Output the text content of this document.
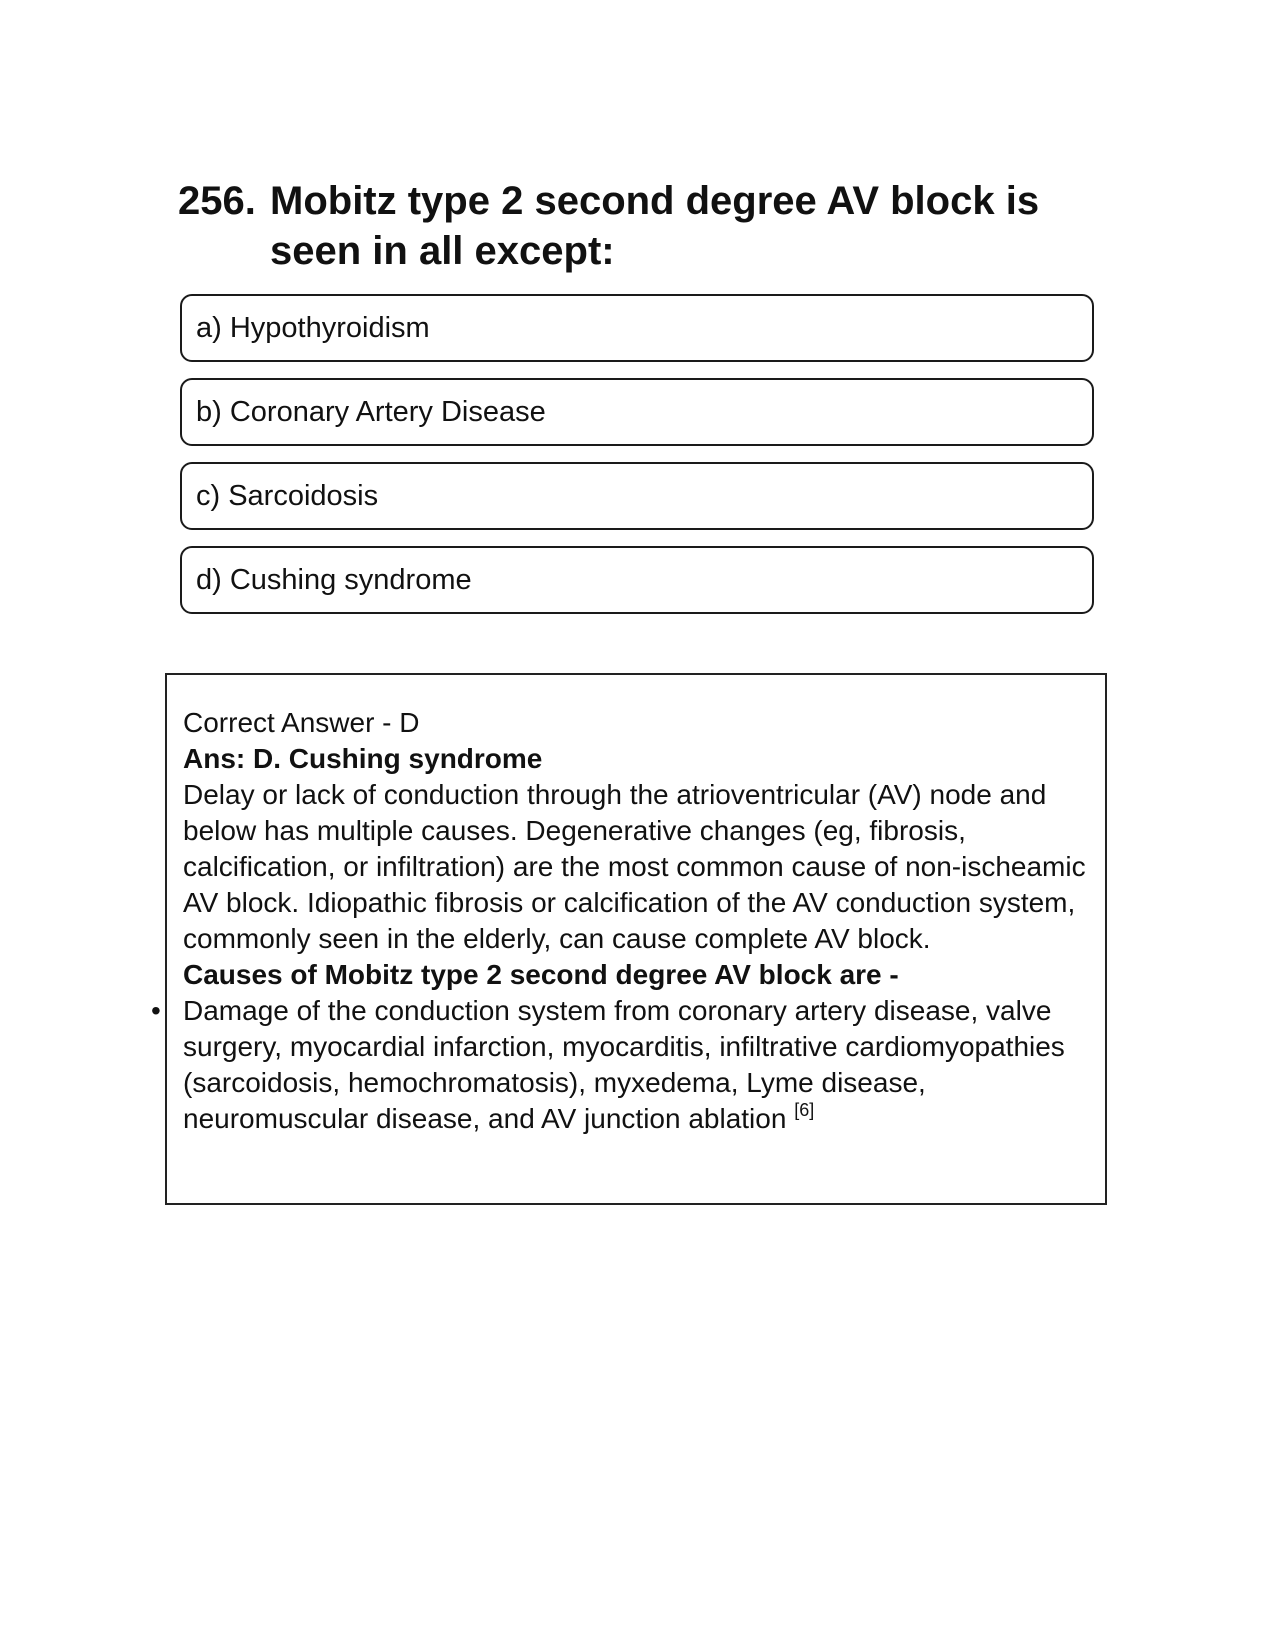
256. Mobitz type 2 second degree AV block is seen in all except:
a) Hypothyroidism
b) Coronary Artery Disease
c) Sarcoidosis
d) Cushing syndrome

Correct Answer - D

Ans: D. Cushing syndrome

Delay or lack of conduction through the atrioventricular (AV) node and below has multiple causes. Degenerative changes (eg, fibrosis, calcification, or infiltration) are the most common cause of non-ischeamic AV block. Idiopathic fibrosis or calcification of the AV conduction system, commonly seen in the elderly, can cause complete AV block.

Causes of Mobitz type 2 second degree AV block are -

• Damage of the conduction system from coronary artery disease, valve surgery, myocardial infarction, myocarditis, infiltrative cardiomyopathies (sarcoidosis, hemochromatosis), myxedema, Lyme disease, neuromuscular disease, and AV junction ablation [6]
